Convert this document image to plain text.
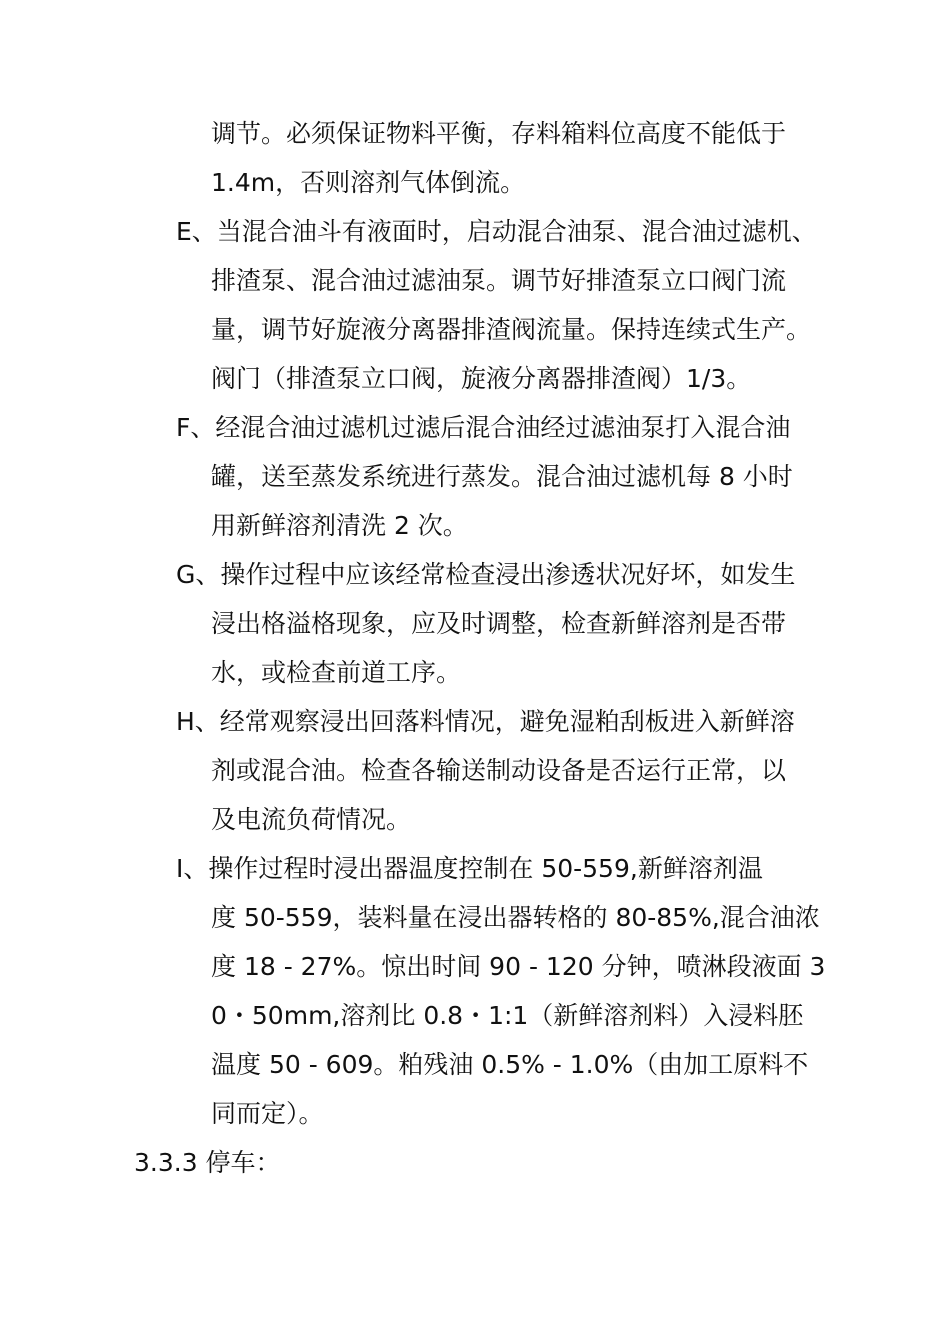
调节。必须保证物料平衡，存料箱料位高度不能低于
1.4m，否则溶剂气体倒流。
E、当混合油斗有液面时，启动混合油泵、混合油过滤机、
排渣泵、混合油过滤油泵。调节好排渣泵立口阀门流
量，调节好旋液分离器排渣阀流量。保持连续式生产。
阀门（排渣泵立口阀，旋液分离器排渣阀）1/3。
F、经混合油过滤机过滤后混合油经过滤油泵打入混合油
罐，送至蒸发系统进行蒸发。混合油过滤机每 8 小时
用新鲜溶剂清洗 2 次。
G、操作过程中应该经常检查浸出渗透状况好坏，如发生
浸出格溢格现象，应及时调整，检查新鲜溶剂是否带
水，或检查前道工序。
H、经常观察浸出回落料情况，避免湿粕刮板进入新鲜溶
剂或混合油。检查各输送制动设备是否运行正常，以
及电流负荷情况。
I、操作过程时浸出器温度控制在 50-559,新鲜溶剂温
度 50-559，装料量在浸出器转格的 80-85%,混合油浓
度 18 - 27%。惊出时间 90 - 120 分钟，喷淋段液面 3
0・50mm,溶剂比 0.8・1:1（新鲜溶剂料）入浸料胚
温度 50 - 609。粕残油 0.5% - 1.0%（由加工原料不
同而定）。
3.3.3 停车：
